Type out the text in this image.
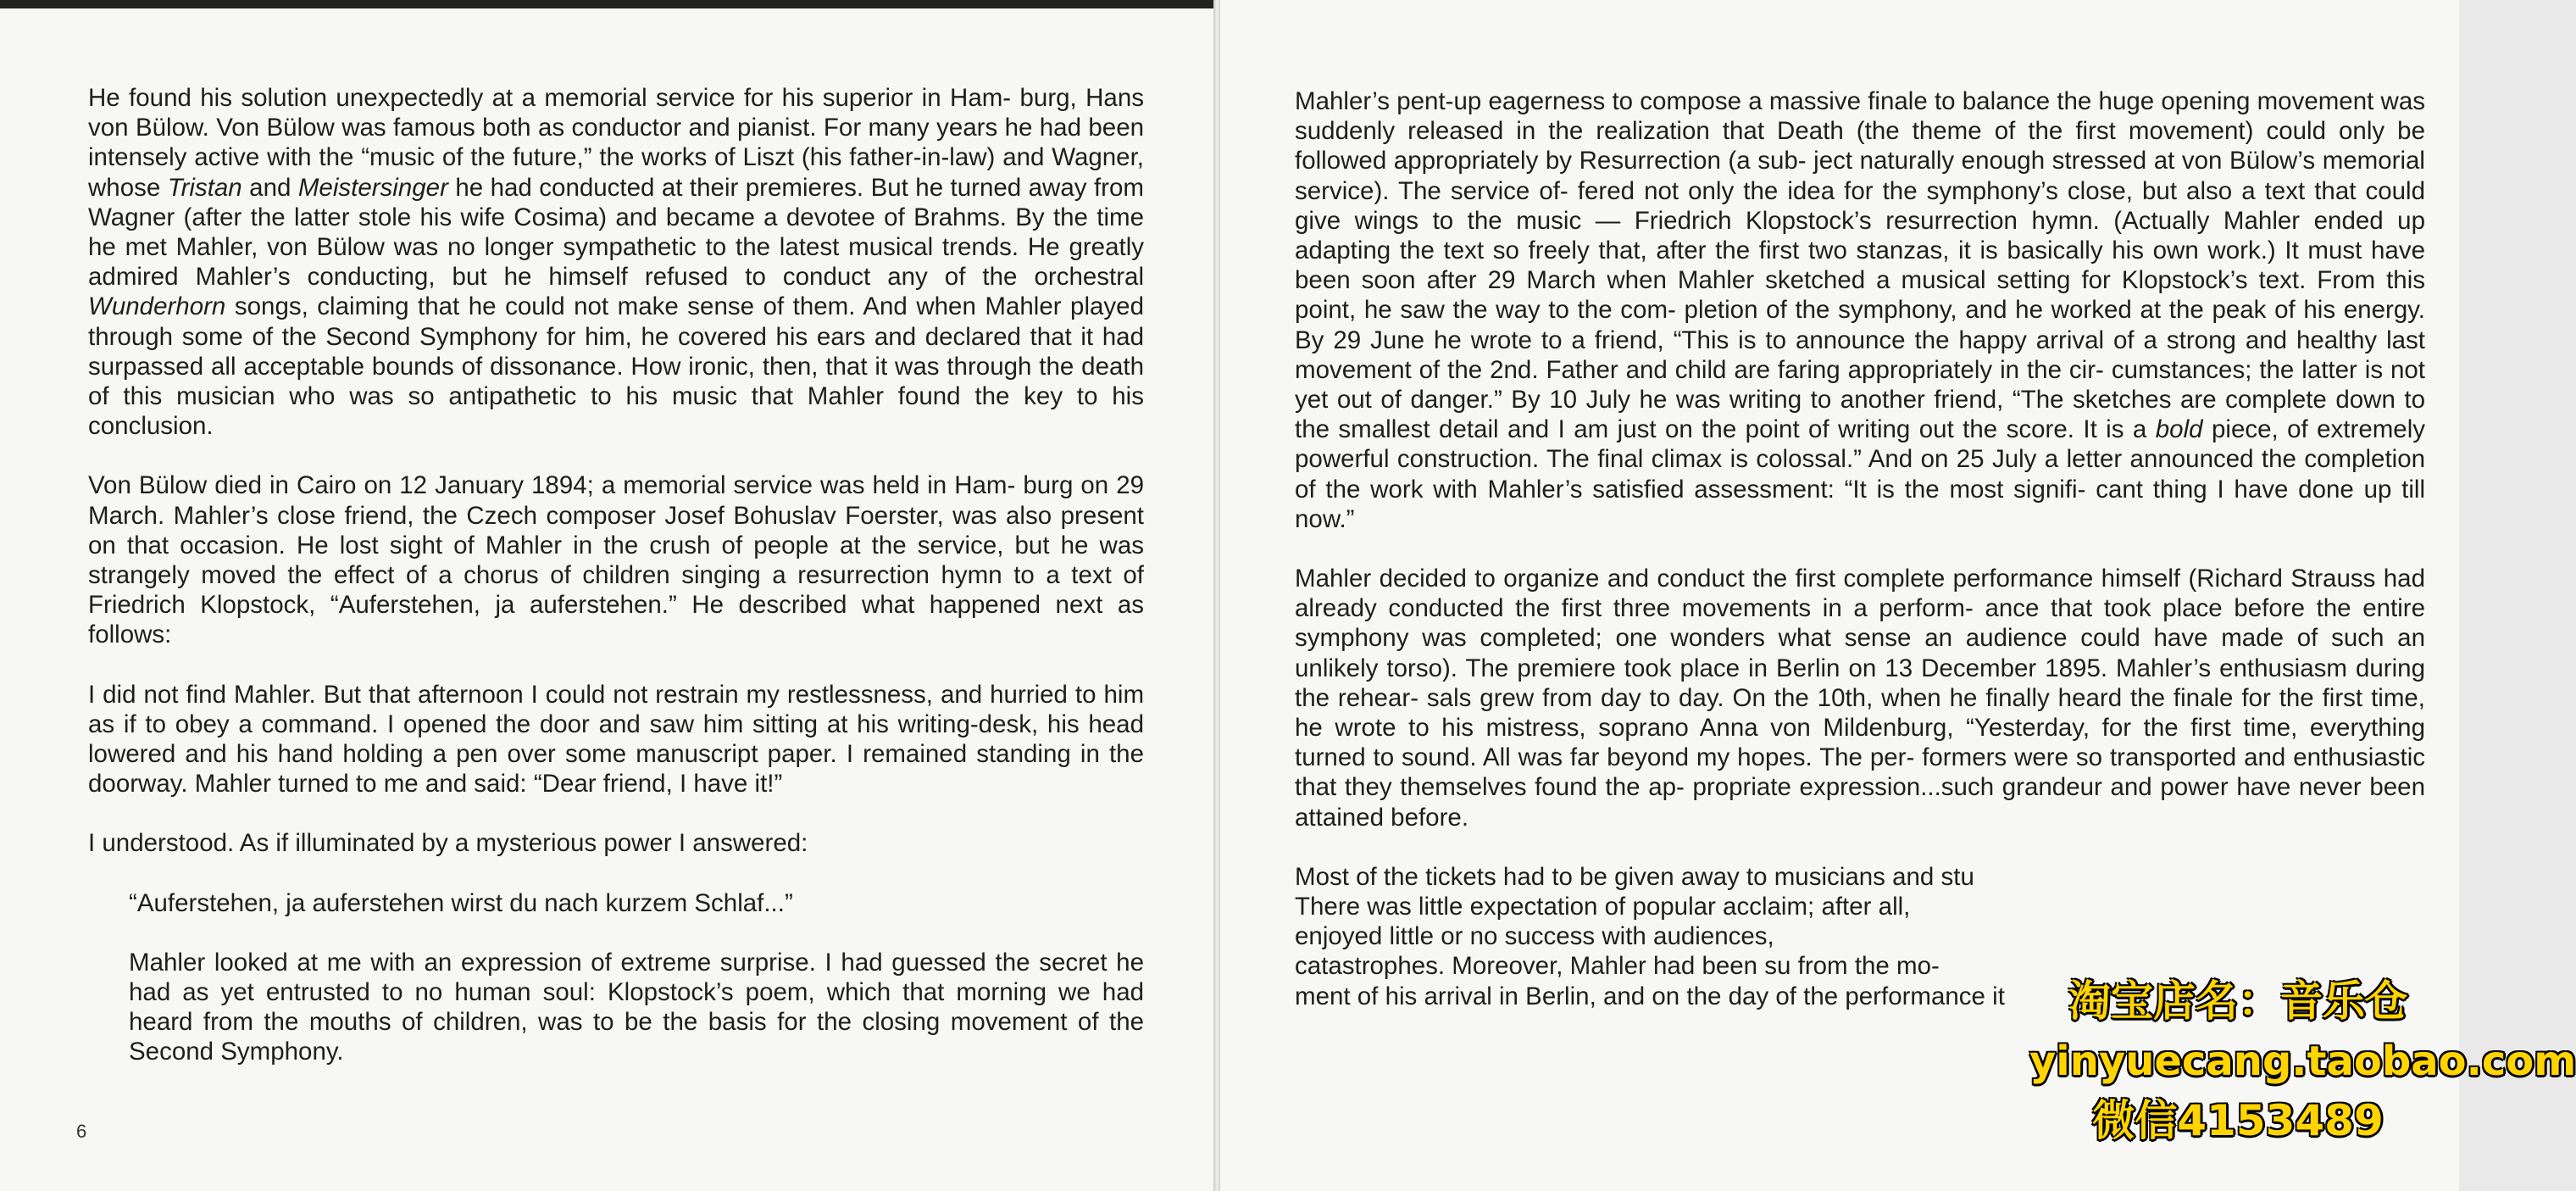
He found his solution unexpectedly at a memorial service for his superior in Ham- burg, Hans von Bülow. Von Bülow was famous both as conductor and pianist. For many years he had been intensely active with the “music of the future,” the works of Liszt (his father-in-law) and Wagner, whose Tristan and Meistersinger he had conducted at their premieres. But he turned away from Wagner (after the latter stole his wife Cosima) and became a devotee of Brahms. By the time he met Mahler, von Bülow was no longer sympathetic to the latest musical trends. He greatly admired Mahler’s conducting, but he himself refused to conduct any of the orchestral Wunderhorn songs, claiming that he could not make sense of them. And when Mahler played through some of the Second Symphony for him, he covered his ears and declared that it had surpassed all acceptable bounds of dissonance. How ironic, then, that it was through the death of this musician who was so antipathetic to his music that Mahler found the key to his conclusion.

Von Bülow died in Cairo on 12 January 1894; a memorial service was held in Ham- burg on 29 March. Mahler’s close friend, the Czech composer Josef Bohuslav Foerster, was also present on that occasion. He lost sight of Mahler in the crush of people at the service, but he was strangely moved the effect of a chorus of children singing a resurrection hymn to a text of Friedrich Klopstock, “Auferstehen, ja auferstehen.” He described what happened next as follows:

I did not find Mahler. But that afternoon I could not restrain my restlessness, and hurried to him as if to obey a command. I opened the door and saw him sitting at his writing-desk, his head lowered and his hand holding a pen over some manuscript paper. I remained standing in the doorway. Mahler turned to me and said: “Dear friend, I have it!”

I understood. As if illuminated by a mysterious power I answered:

“Auferstehen, ja auferstehen wirst du nach kurzem Schlaf...”

Mahler looked at me with an expression of extreme surprise. I had guessed the secret he had as yet entrusted to no human soul: Klopstock’s poem, which that morning we had heard from the mouths of children, was to be the basis for the closing movement of the Second Symphony.

6

Mahler’s pent-up eagerness to compose a massive finale to balance the huge opening movement was suddenly released in the realization that Death (the theme of the first movement) could only be followed appropriately by Resurrection (a sub- ject naturally enough stressed at von Bülow’s memorial service). The service of- fered not only the idea for the symphony’s close, but also a text that could give wings to the music — Friedrich Klopstock’s resurrection hymn. (Actually Mahler ended up adapting the text so freely that, after the first two stanzas, it is basically his own work.) It must have been soon after 29 March when Mahler sketched a musical setting for Klopstock’s text. From this point, he saw the way to the com- pletion of the symphony, and he worked at the peak of his energy. By 29 June he wrote to a friend, “This is to announce the happy arrival of a strong and healthy last movement of the 2nd. Father and child are faring appropriately in the cir- cumstances; the latter is not yet out of danger.” By 10 July he was writing to another friend, “The sketches are complete down to the smallest detail and I am just on the point of writing out the score. It is a bold piece, of extremely powerful construction. The final climax is colossal.” And on 25 July a letter announced the completion of the work with Mahler’s satisfied assessment: “It is the most signifi- cant thing I have done up till now.”

Mahler decided to organize and conduct the first complete performance himself (Richard Strauss had already conducted the first three movements in a perform- ance that took place before the entire symphony was completed; one wonders what sense an audience could have made of such an unlikely torso). The premiere took place in Berlin on 13 December 1895. Mahler’s enthusiasm during the rehear- sals grew from day to day. On the 10th, when he finally heard the finale for the first time, he wrote to his mistress, soprano Anna von Mildenburg, “Yesterday, for the first time, everything turned to sound. All was far beyond my hopes. The per- formers were so transported and enthusiastic that they themselves found the ap- propriate expression...such grandeur and power have never been attained before.

Most of the tickets had to be given away to musicians and stu
There was little expectation of popular acclaim; after all,
enjoyed little or no success with audiences,
catastrophes. Moreover, Mahler had been su from the mo-
ment of his arrival in Berlin, and on the day of the performance it	淘宝店名：音乐仓
yinyuecang.taobao.com
微信4153489
